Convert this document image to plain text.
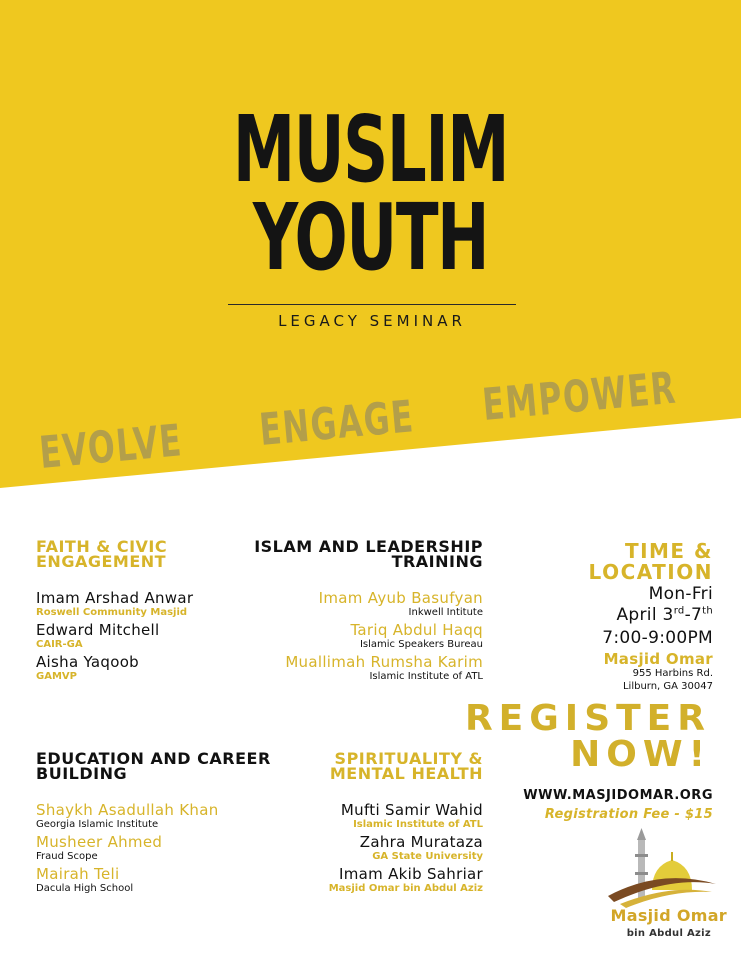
MUSLIM
YOUTH
LEGACY SEMINAR
EVOLVE ENGAGE EMPOWER
FAITH & CIVIC
ENGAGEMENT
Imam Arshad Anwar
Roswell Community Masjid
Edward Mitchell
CAIR-GA
Aisha Yaqoob
GAMVP
ISLAM AND LEADERSHIP
TRAINING
Imam Ayub Basufyan
Inkwell Intitute
Tariq Abdul Haqq
Islamic Speakers Bureau
Muallimah Rumsha Karim
Islamic Institute of ATL
EDUCATION AND CAREER
BUILDING
Shaykh Asadullah Khan
Georgia Islamic Institute
Musheer Ahmed
Fraud Scope
Mairah Teli
Dacula High School
SPIRITUALITY &
MENTAL HEALTH
Mufti Samir Wahid
Islamic Institute of ATL
Zahra Murataza
GA State University
Imam Akib Sahriar
Masjid Omar bin Abdul Aziz
TIME &
LOCATION
Mon-Fri
April 3rd-7th
7:00-9:00PM
Masjid Omar
955 Harbins Rd.
Lilburn, GA 30047
REGISTER
NOW!
WWW.MASJIDOMAR.ORG
Registration Fee - $15
Masjid Omar
bin Abdul Aziz
